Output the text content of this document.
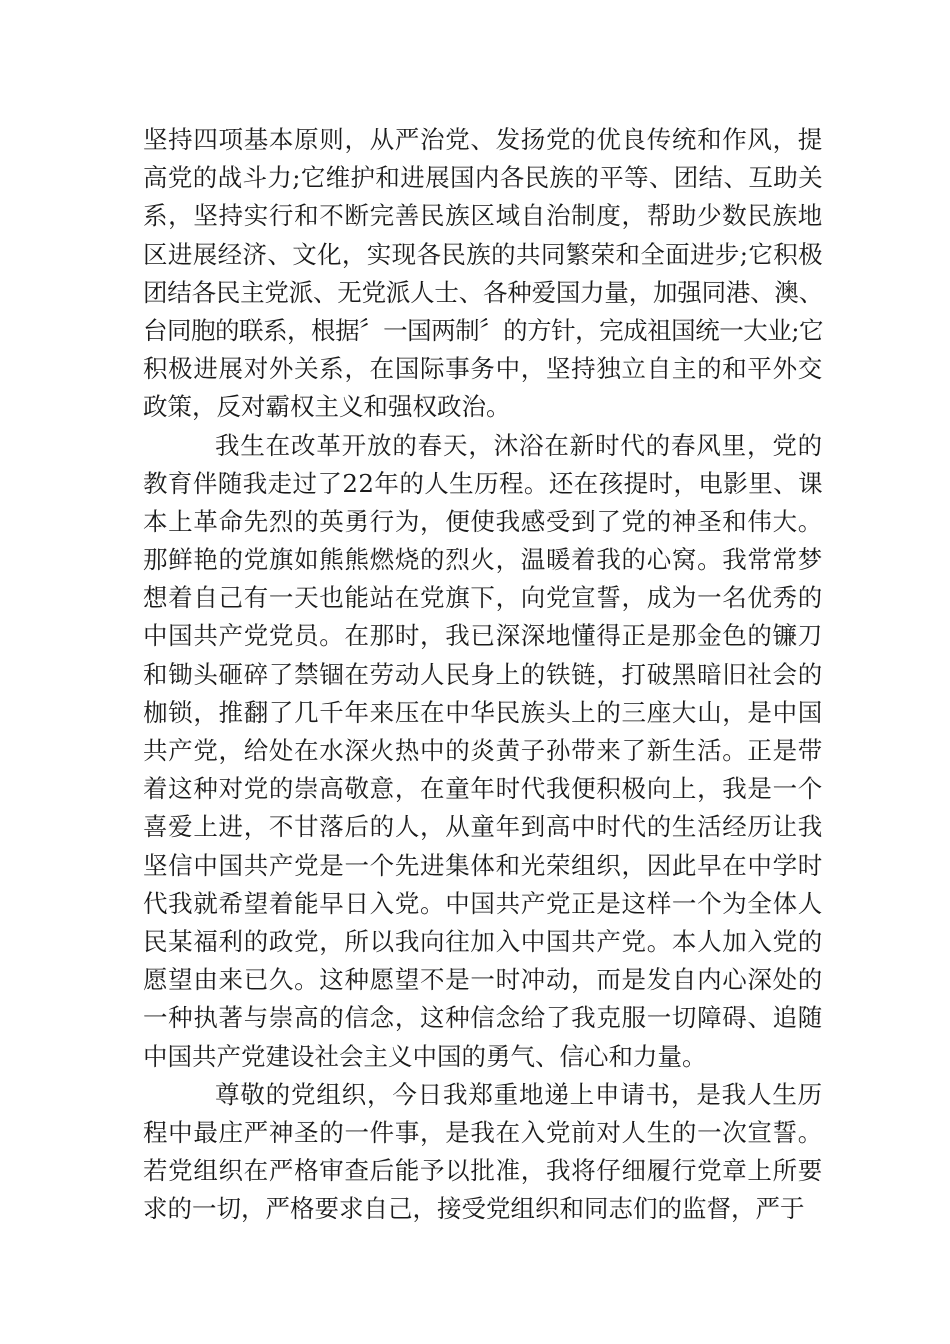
坚持四项基本原则，从严治党、发扬党的优良传统和作风，提
高党的战斗力;它维护和进展国内各民族的平等、团结、互助关
系，坚持实行和不断完善民族区域自治制度，帮助少数民族地
区进展经济、文化，实现各民族的共同繁荣和全面进步;它积极
团结各民主党派、无党派人士、各种爱国力量，加强同港、澳、
台同胞的联系，根据〞一国两制〞的方针，完成祖国统一大业;它
积极进展对外关系，在国际事务中，坚持独立自主的和平外交
政策，反对霸权主义和强权政治。
我生在改革开放的春天，沐浴在新时代的春风里，党的
教育伴随我走过了22年的人生历程。还在孩提时，电影里、课
本上革命先烈的英勇行为，便使我感受到了党的神圣和伟大。
那鲜艳的党旗如熊熊燃烧的烈火，温暖着我的心窝。我常常梦
想着自己有一天也能站在党旗下，向党宣誓，成为一名优秀的
中国共产党党员。在那时，我已深深地懂得正是那金色的镰刀
和锄头砸碎了禁锢在劳动人民身上的铁链，打破黑暗旧社会的
枷锁，推翻了几千年来压在中华民族头上的三座大山，是中国
共产党，给处在水深火热中的炎黄子孙带来了新生活。正是带
着这种对党的崇高敬意，在童年时代我便积极向上，我是一个
喜爱上进，不甘落后的人，从童年到高中时代的生活经历让我
坚信中国共产党是一个先进集体和光荣组织，因此早在中学时
代我就希望着能早日入党。中国共产党正是这样一个为全体人
民某福利的政党，所以我向往加入中国共产党。本人加入党的
愿望由来已久。这种愿望不是一时冲动，而是发自内心深处的
一种执著与崇高的信念，这种信念给了我克服一切障碍、追随
中国共产党建设社会主义中国的勇气、信心和力量。
尊敬的党组织，今日我郑重地递上申请书，是我人生历
程中最庄严神圣的一件事，是我在入党前对人生的一次宣誓。
若党组织在严格审查后能予以批准，我将仔细履行党章上所要
求的一切，严格要求自己，接受党组织和同志们的监督，严于
